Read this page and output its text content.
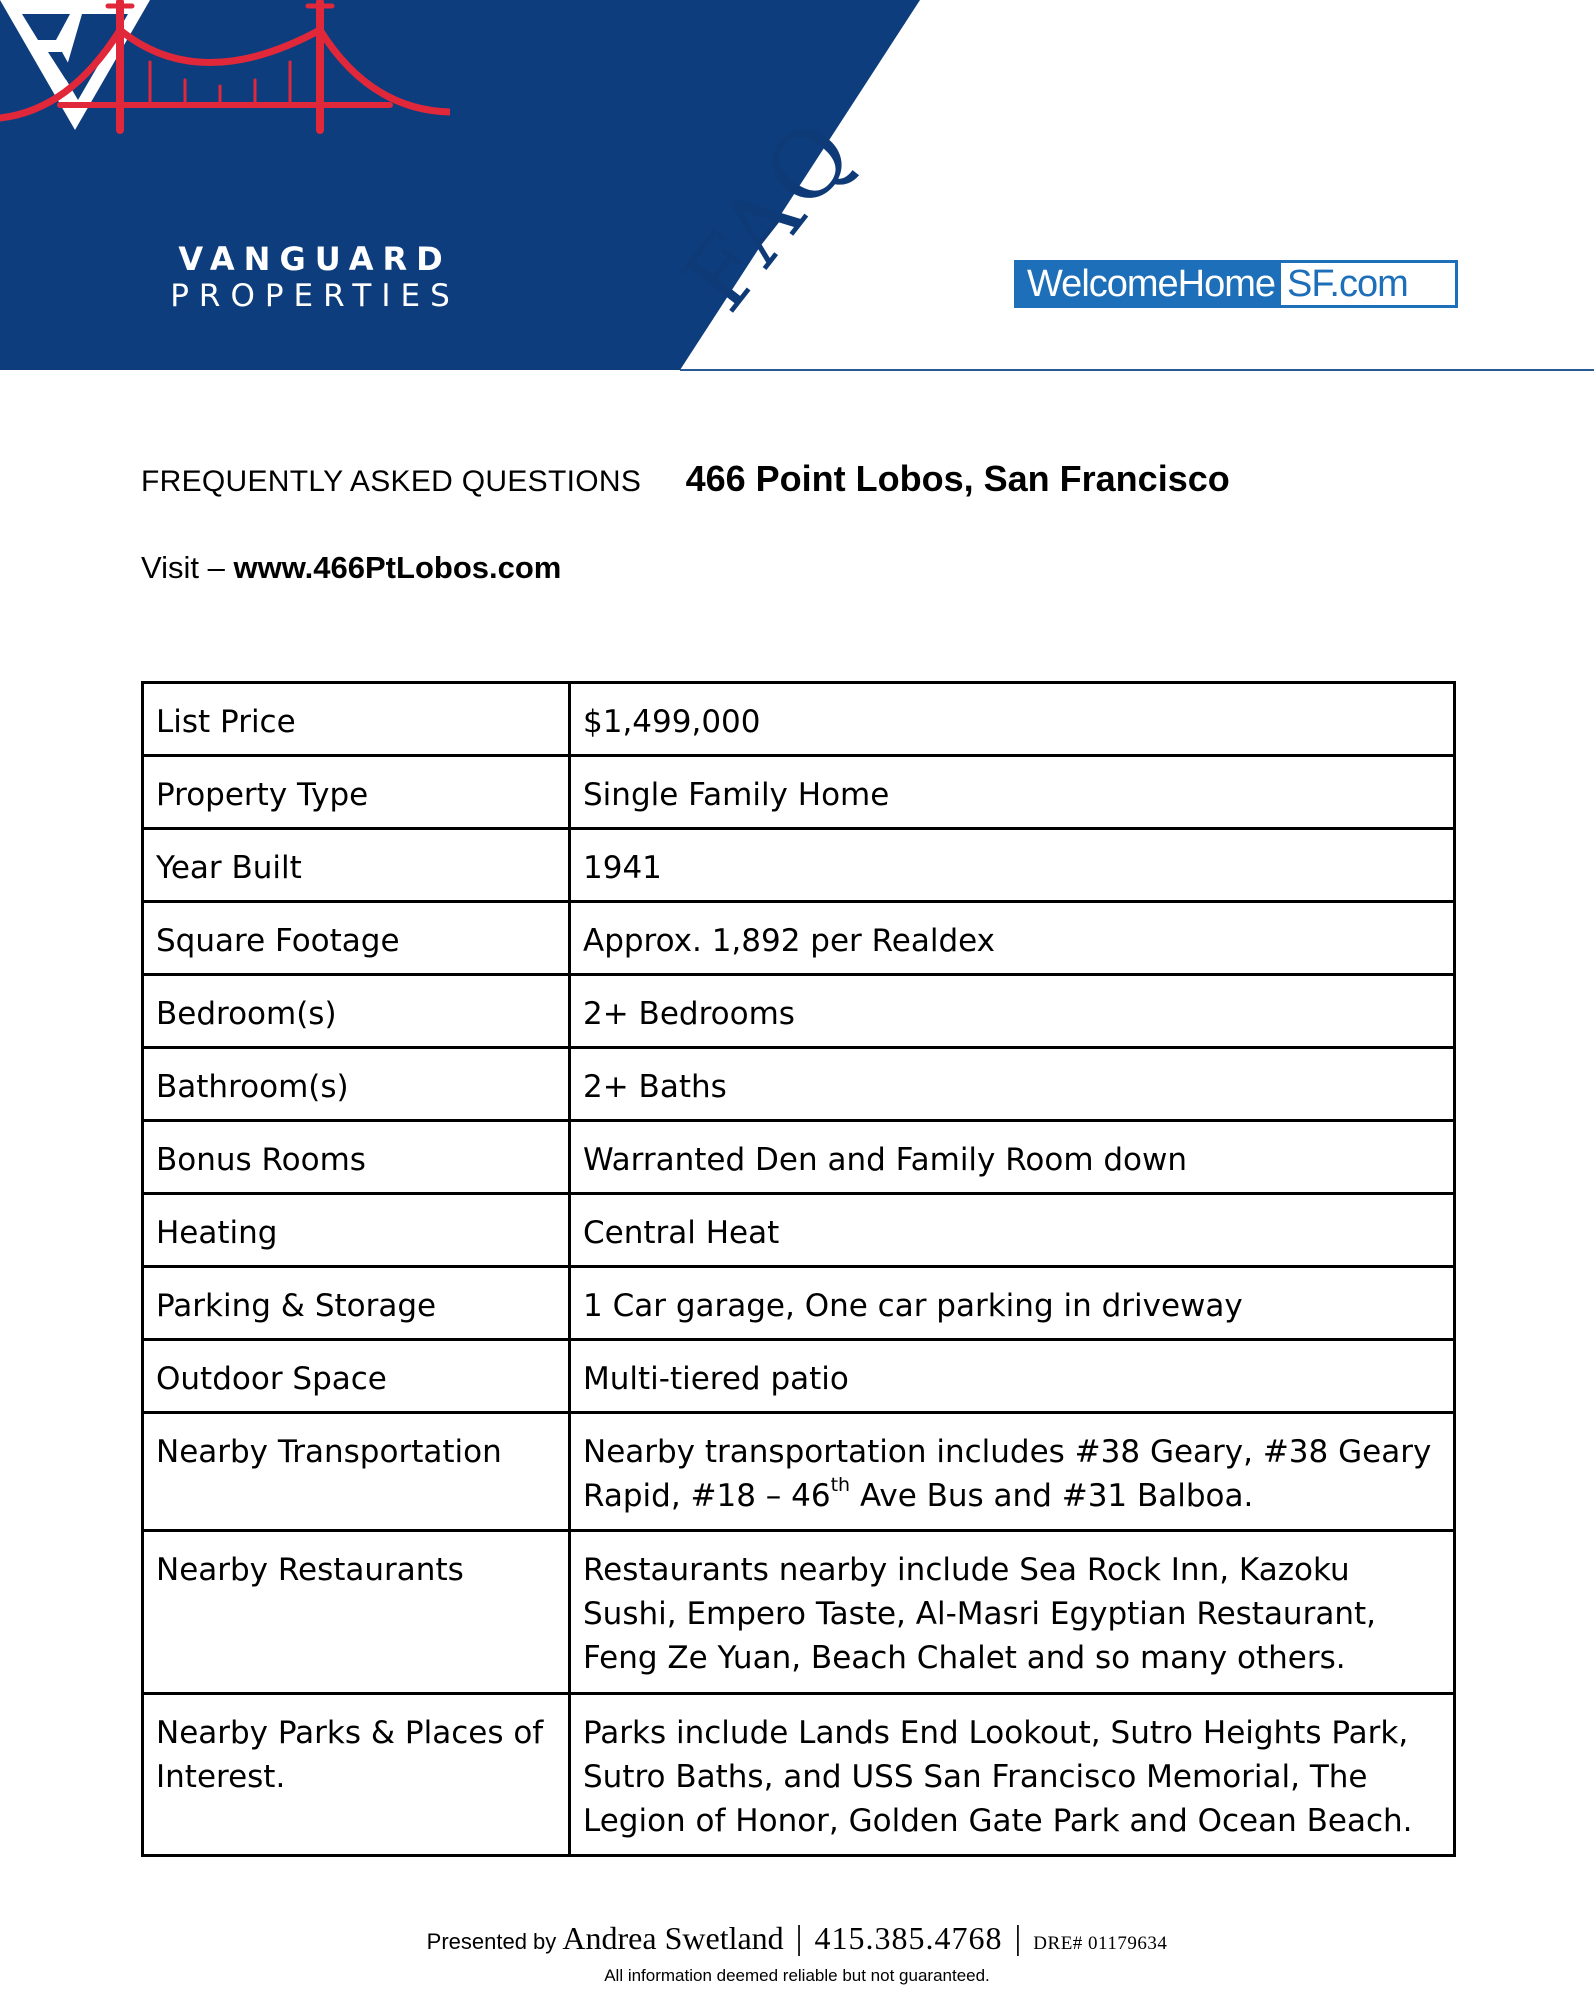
VANGUARD
PROPERTIES FAQ	WelcomeHome SF.com
FREQUENTLY ASKED QUESTIONS 466 Point Lobos, San Francisco
Visit – www.466PtLobos.com
List Price	$1,499,000
Property Type	Single Family Home
Year Built	1941
Square Footage	Approx. 1,892 per Realdex
Bedroom(s)	2+ Bedrooms
Bathroom(s)	2+ Baths
Bonus Rooms	Warranted Den and Family Room down
Heating	Central Heat
Parking & Storage	1 Car garage, One car parking in driveway
Outdoor Space	Multi-tiered patio
Nearby Transportation	Nearby transportation includes #38 Geary, #38 Geary Rapid, #18 – 46th Ave Bus and #31 Balboa.
Nearby Restaurants	Restaurants nearby include Sea Rock Inn, Kazoku Sushi, Empero Taste, Al-Masri Egyptian Restaurant, Feng Ze Yuan, Beach Chalet and so many others.
Nearby Parks & Places of Interest.	Parks include Lands End Lookout, Sutro Heights Park, Sutro Baths, and USS San Francisco Memorial, The Legion of Honor, Golden Gate Park and Ocean Beach.
Presented by Andrea Swetland | 415.385.4768 | DRE# 01179634
All information deemed reliable but not guaranteed.
